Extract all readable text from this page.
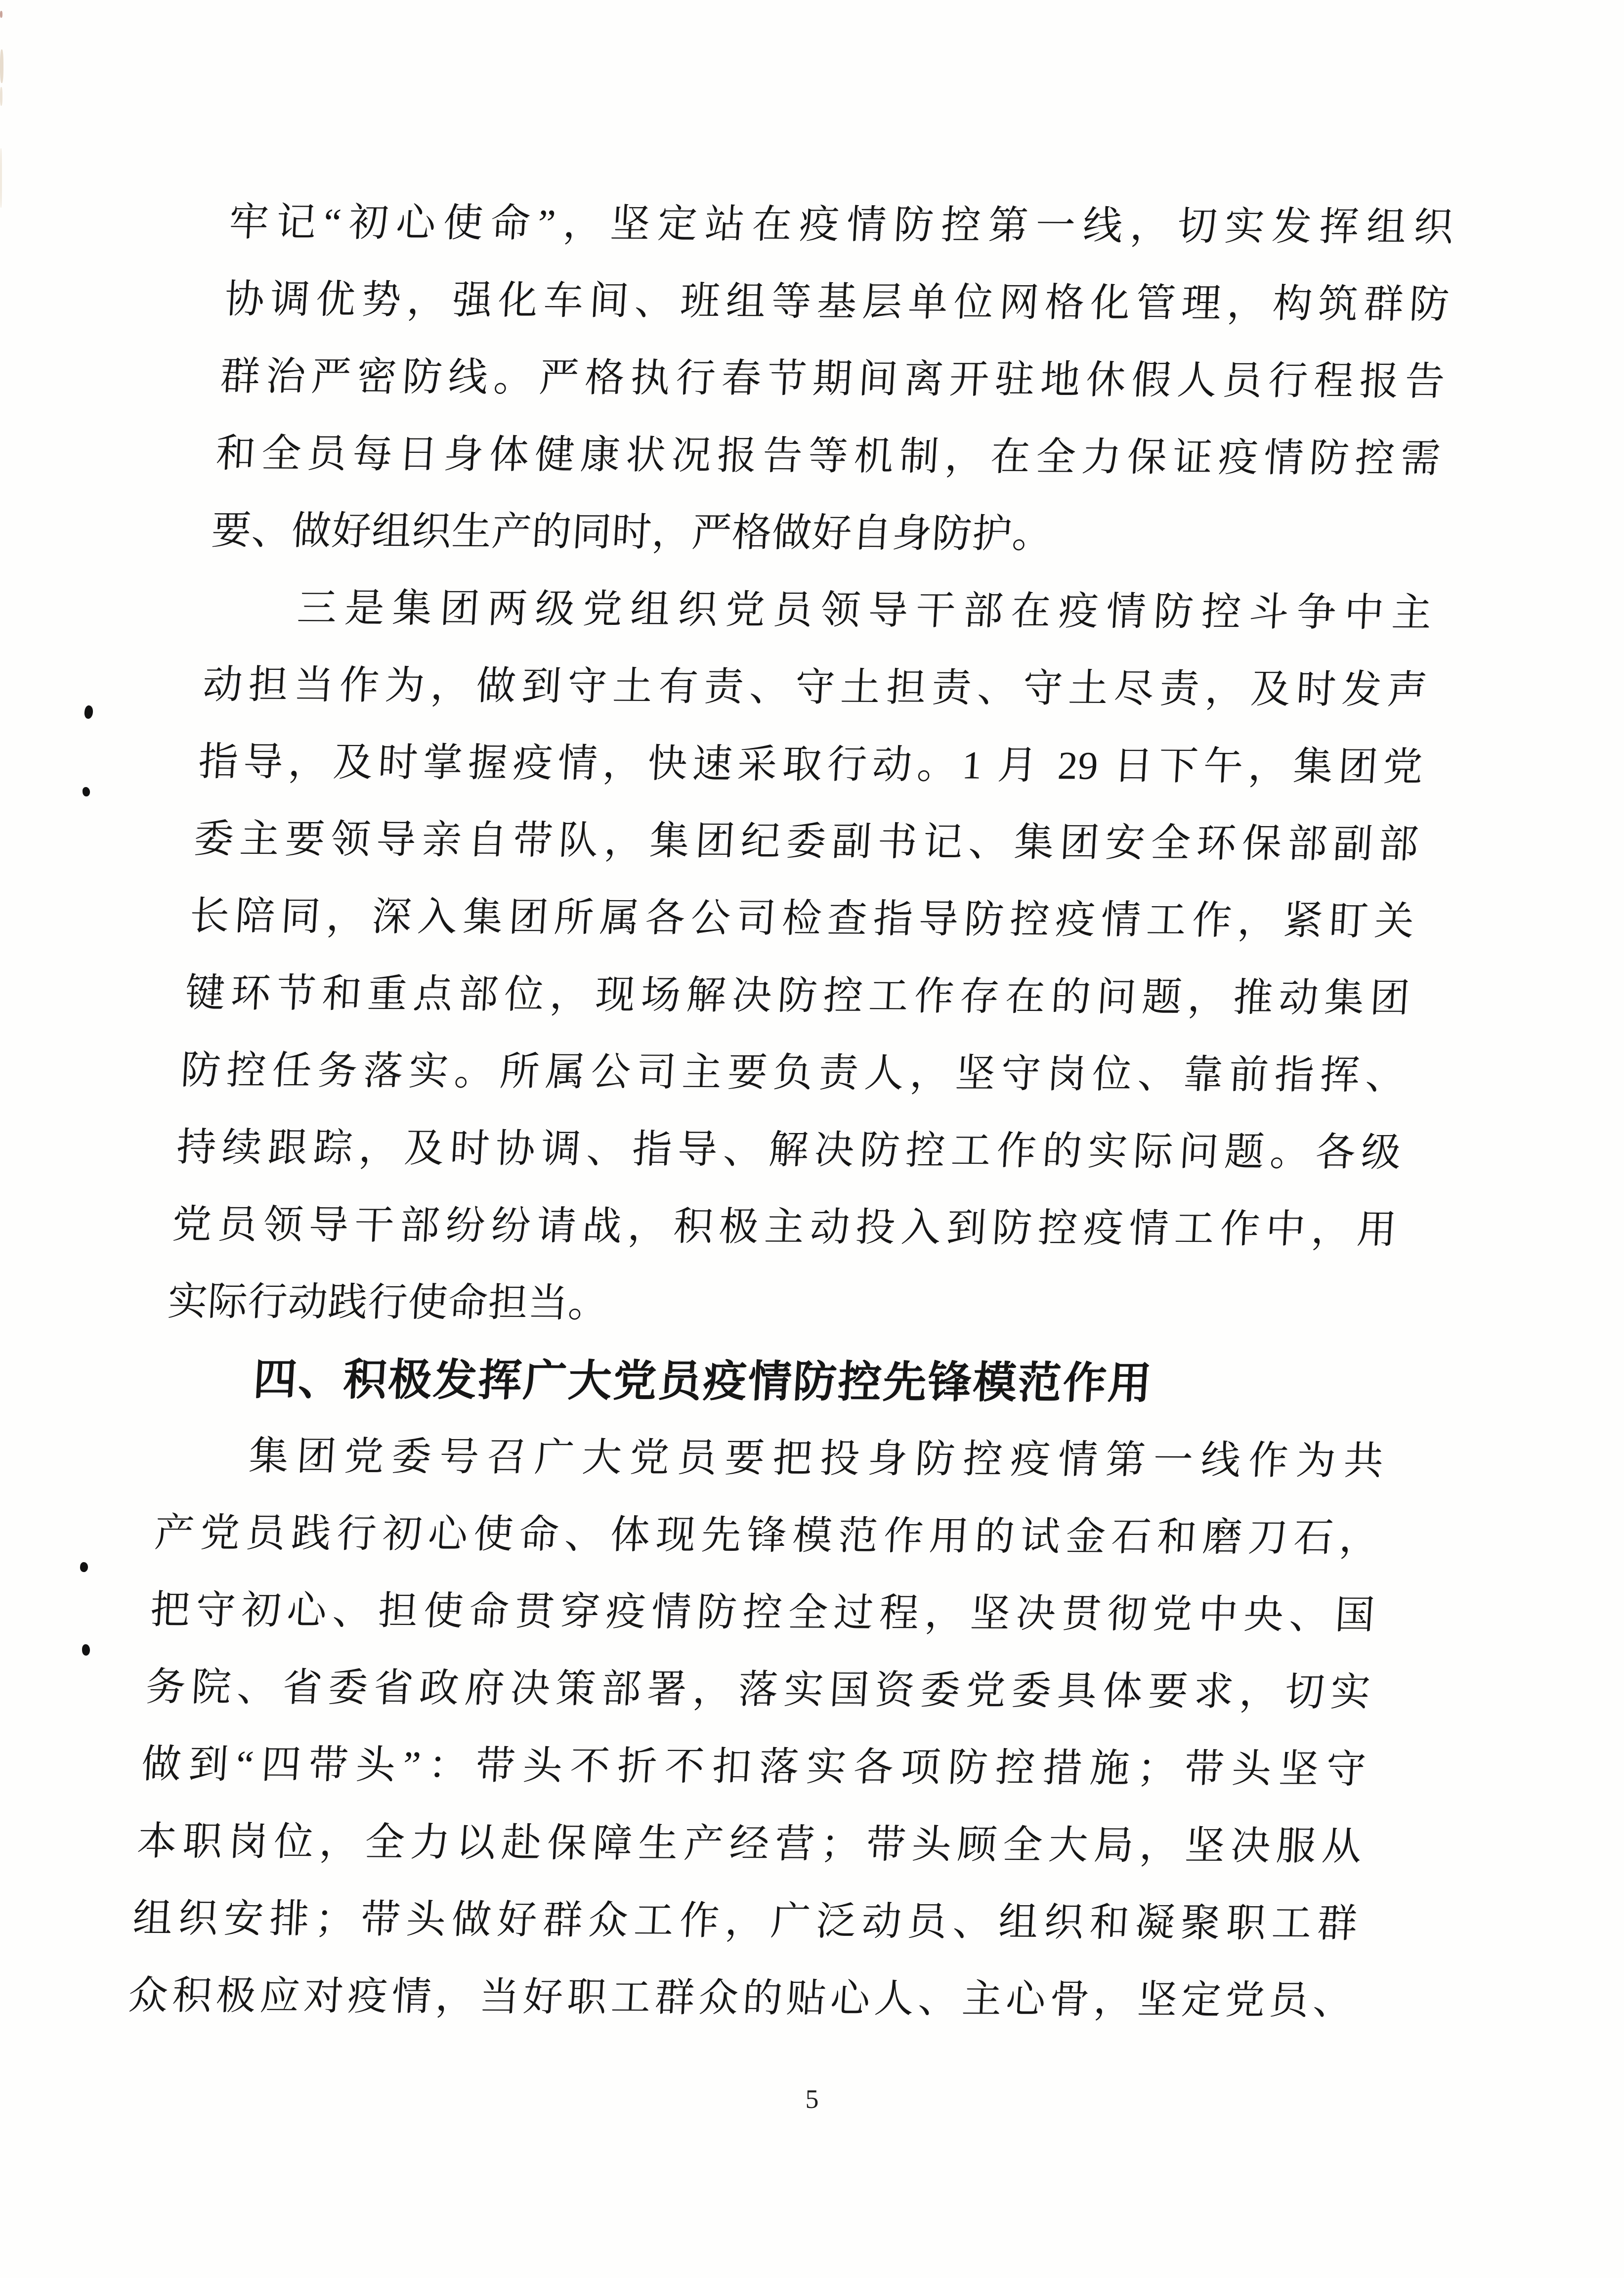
牢记“初心使命”，坚定站在疫情防控第一线，切实发挥组织
协调优势，强化车间、班组等基层单位网格化管理，构筑群防
群治严密防线。严格执行春节期间离开驻地休假人员行程报告
和全员每日身体健康状况报告等机制，在全力保证疫情防控需
要、做好组织生产的同时，严格做好自身防护。
三是集团两级党组织党员领导干部在疫情防控斗争中主
动担当作为，做到守土有责、守土担责、守土尽责，及时发声
指导，及时掌握疫情，快速采取行动。1 月 29 日下午，集团党
委主要领导亲自带队，集团纪委副书记、集团安全环保部副部
长陪同，深入集团所属各公司检查指导防控疫情工作，紧盯关
键环节和重点部位，现场解决防控工作存在的问题，推动集团
防控任务落实。所属公司主要负责人，坚守岗位、靠前指挥、
持续跟踪，及时协调、指导、解决防控工作的实际问题。各级
党员领导干部纷纷请战，积极主动投入到防控疫情工作中，用
实际行动践行使命担当。
四、积极发挥广大党员疫情防控先锋模范作用
集团党委号召广大党员要把投身防控疫情第一线作为共
产党员践行初心使命、体现先锋模范作用的试金石和磨刀石，
把守初心、担使命贯穿疫情防控全过程，坚决贯彻党中央、国
务院、省委省政府决策部署，落实国资委党委具体要求，切实
做到“四带头”：带头不折不扣落实各项防控措施；带头坚守
本职岗位，全力以赴保障生产经营；带头顾全大局，坚决服从
组织安排；带头做好群众工作，广泛动员、组织和凝聚职工群
众积极应对疫情，当好职工群众的贴心人、主心骨，坚定党员、
5
